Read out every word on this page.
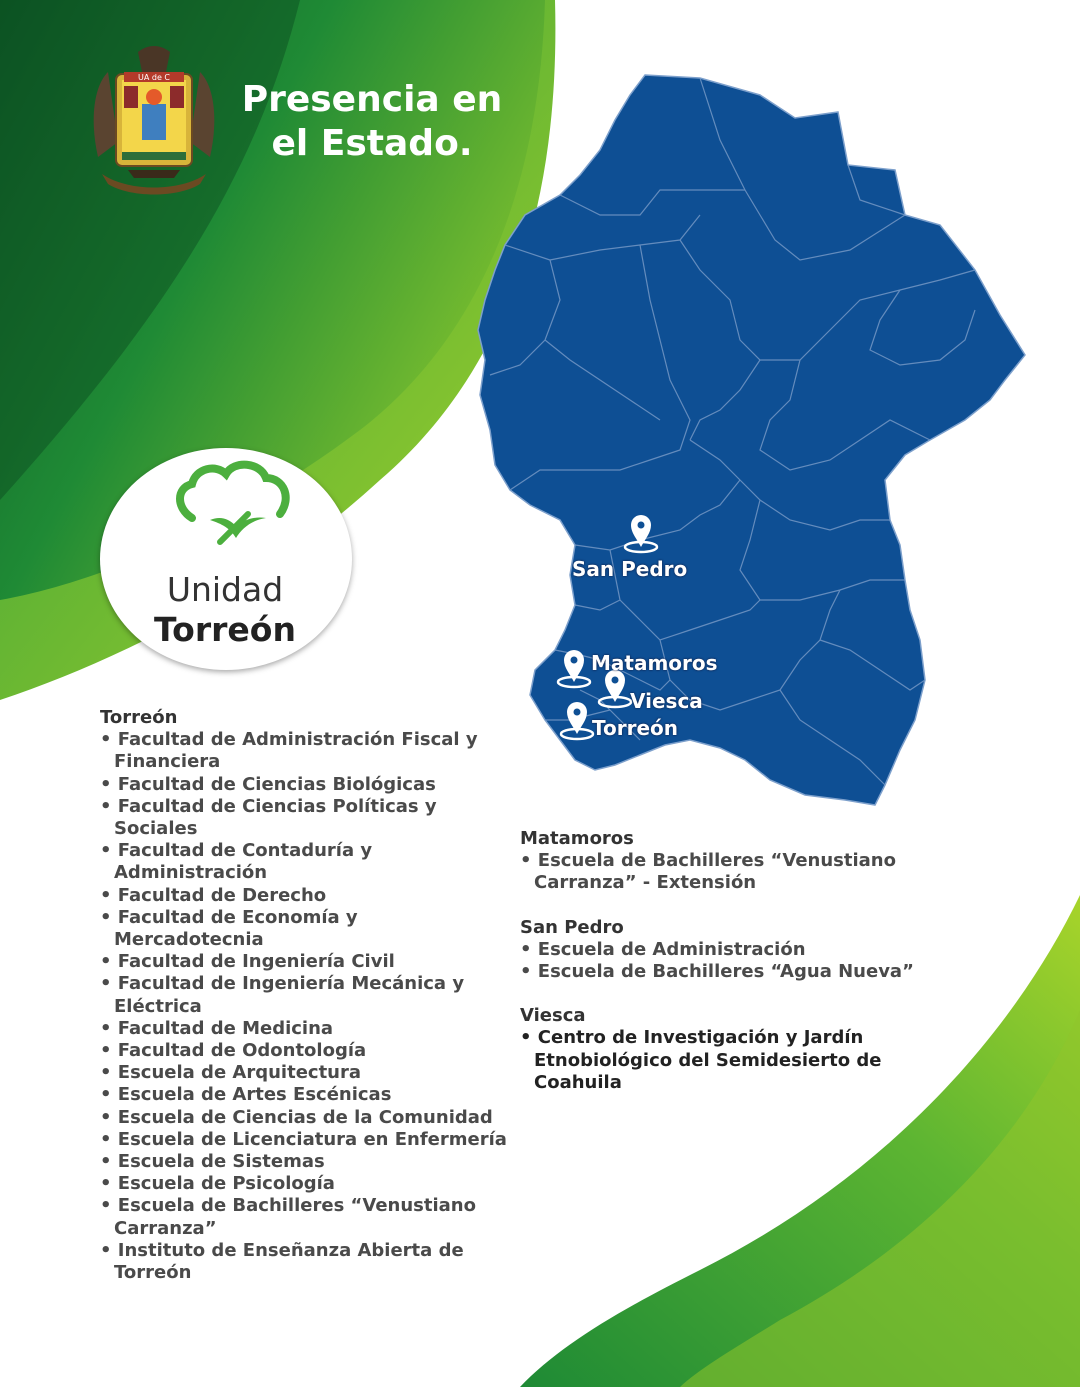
San Pedro
Matamoros
Viesca
Torreón
UA de C
Presencia en
el Estado.
Unidad
Torreón
Torreón
• Facultad de Administración Fiscal y Financiera
• Facultad de Ciencias Biológicas
• Facultad de Ciencias Políticas y Sociales
• Facultad de Contaduría y Administración
• Facultad de Derecho
• Facultad de Economía y Mercadotecnia
• Facultad de Ingeniería Civil
• Facultad de Ingeniería Mecánica y Eléctrica
• Facultad de Medicina
• Facultad de Odontología
• Escuela de Arquitectura
• Escuela de Artes Escénicas
• Escuela de Ciencias de la Comunidad
• Escuela de Licenciatura en Enfermería
• Escuela de Sistemas
• Escuela de Psicología
• Escuela de Bachilleres “Venustiano Carranza”
• Instituto de Enseñanza Abierta de Torreón
Matamoros
• Escuela de Bachilleres “Venustiano Carranza” - Extensión
San Pedro
• Escuela de Administración
• Escuela de Bachilleres “Agua Nueva”
Viesca
• Centro de Investigación y Jardín Etnobiológico del Semidesierto de Coahuila
